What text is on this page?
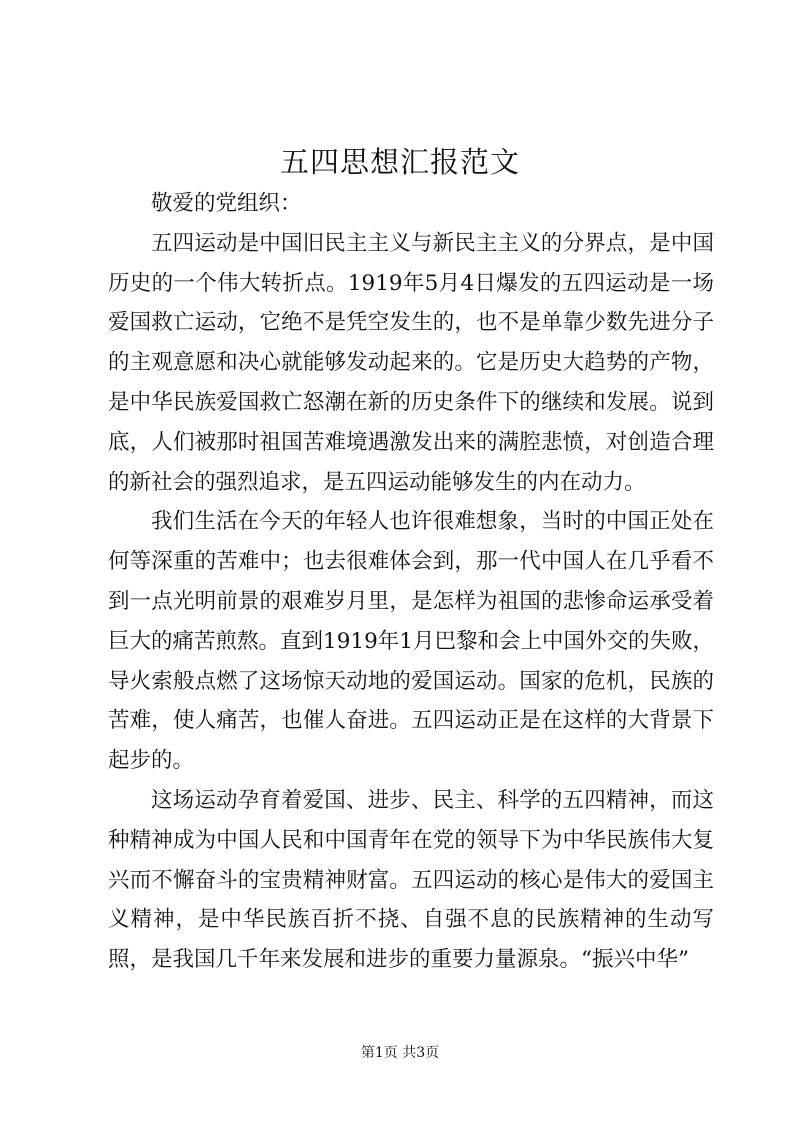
五四思想汇报范文

敬爱的党组织：

五四运动是中国旧民主主义与新民主主义的分界点，是中国历史的一个伟大转折点。1919年5月4日爆发的五四运动是一场爱国救亡运动，它绝不是凭空发生的，也不是单靠少数先进分子的主观意愿和决心就能够发动起来的。它是历史大趋势的产物，是中华民族爱国救亡怒潮在新的历史条件下的继续和发展。说到底，人们被那时祖国苦难境遇激发出来的满腔悲愤，对创造合理的新社会的强烈追求，是五四运动能够发生的内在动力。

我们生活在今天的年轻人也许很难想象，当时的中国正处在何等深重的苦难中；也去很难体会到，那一代中国人在几乎看不到一点光明前景的艰难岁月里，是怎样为祖国的悲惨命运承受着巨大的痛苦煎熬。直到1919年1月巴黎和会上中国外交的失败，导火索般点燃了这场惊天动地的爱国运动。国家的危机，民族的苦难，使人痛苦，也催人奋进。五四运动正是在这样的大背景下起步的。

这场运动孕育着爱国、进步、民主、科学的五四精神，而这种精神成为中国人民和中国青年在党的领导下为中华民族伟大复兴而不懈奋斗的宝贵精神财富。五四运动的核心是伟大的爱国主义精神，是中华民族百折不挠、自强不息的民族精神的生动写照，是我国几千年来发展和进步的重要力量源泉。“振兴中华”

第1页 共3页
